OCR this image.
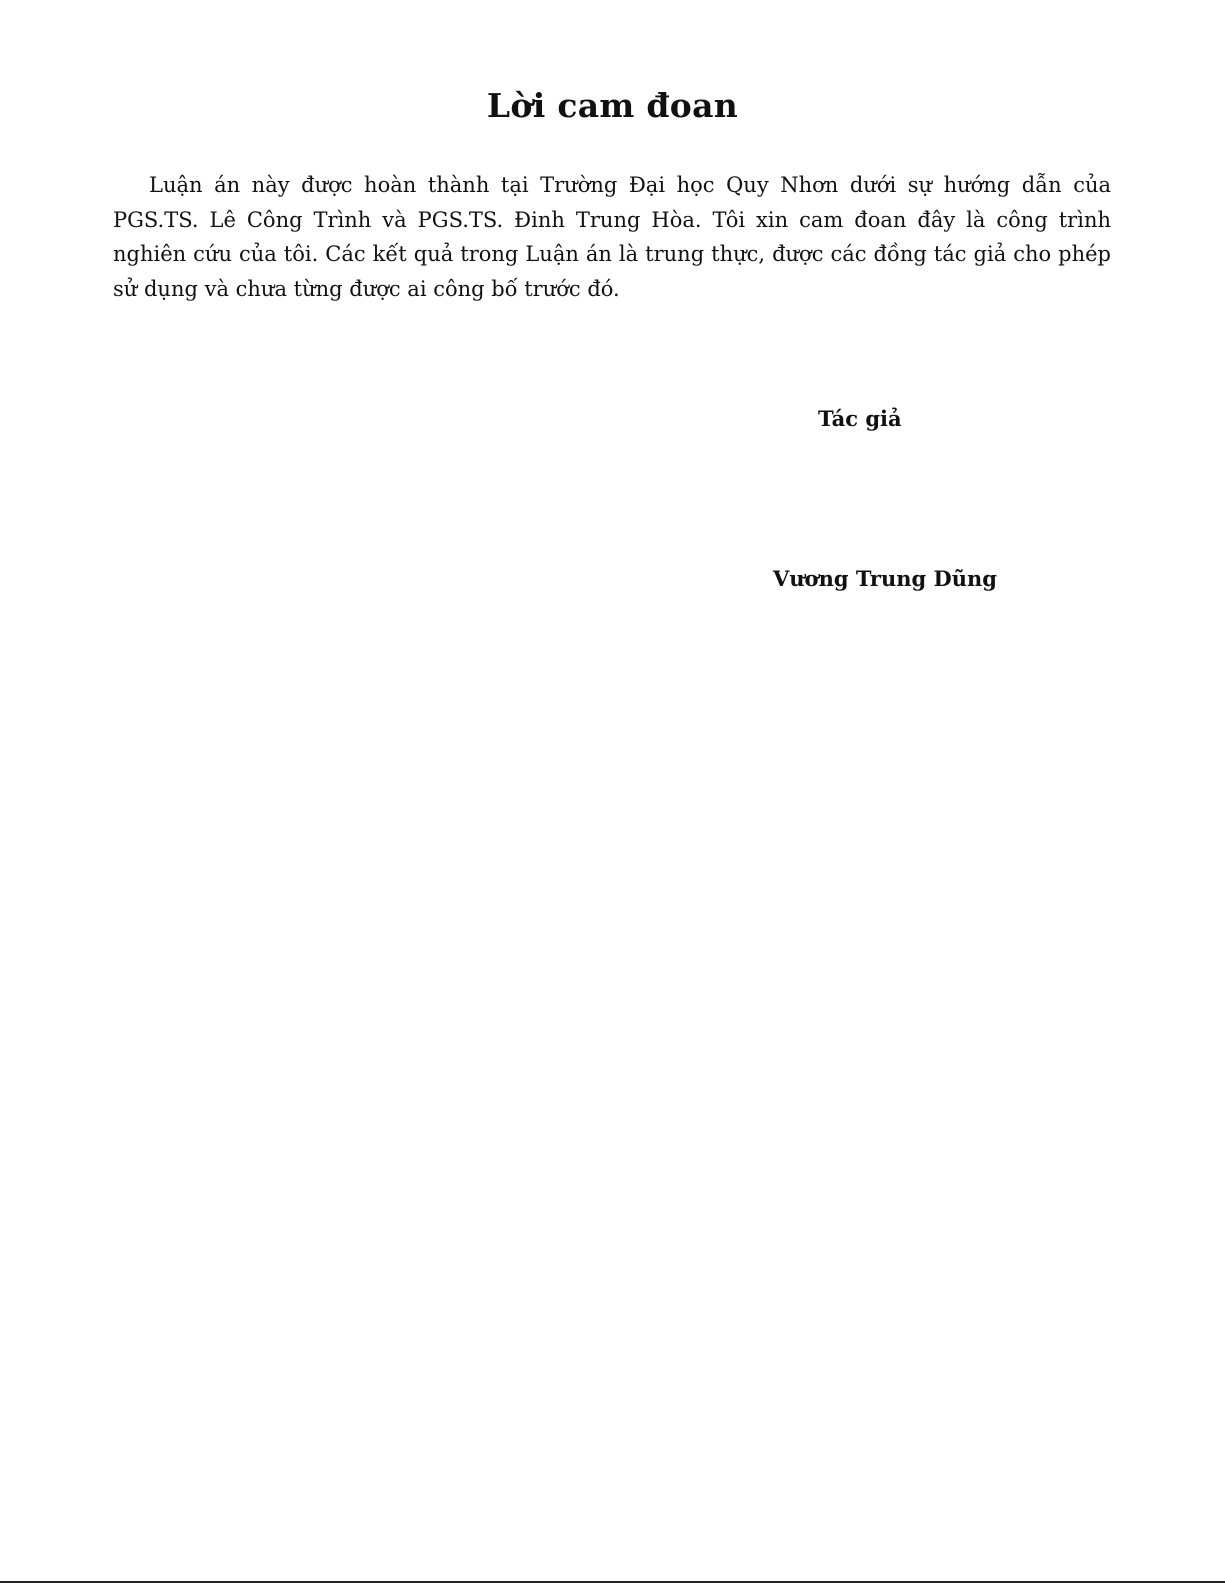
Lời cam đoan

Luận án này được hoàn thành tại Trường Đại học Quy Nhơn dưới sự hướng dẫn của PGS.TS. Lê Công Trình và PGS.TS. Đinh Trung Hòa. Tôi xin cam đoan đây là công trình nghiên cứu của tôi. Các kết quả trong Luận án là trung thực, được các đồng tác giả cho phép sử dụng và chưa từng được ai công bố trước đó.

Tác giả
Vương Trung Dũng
